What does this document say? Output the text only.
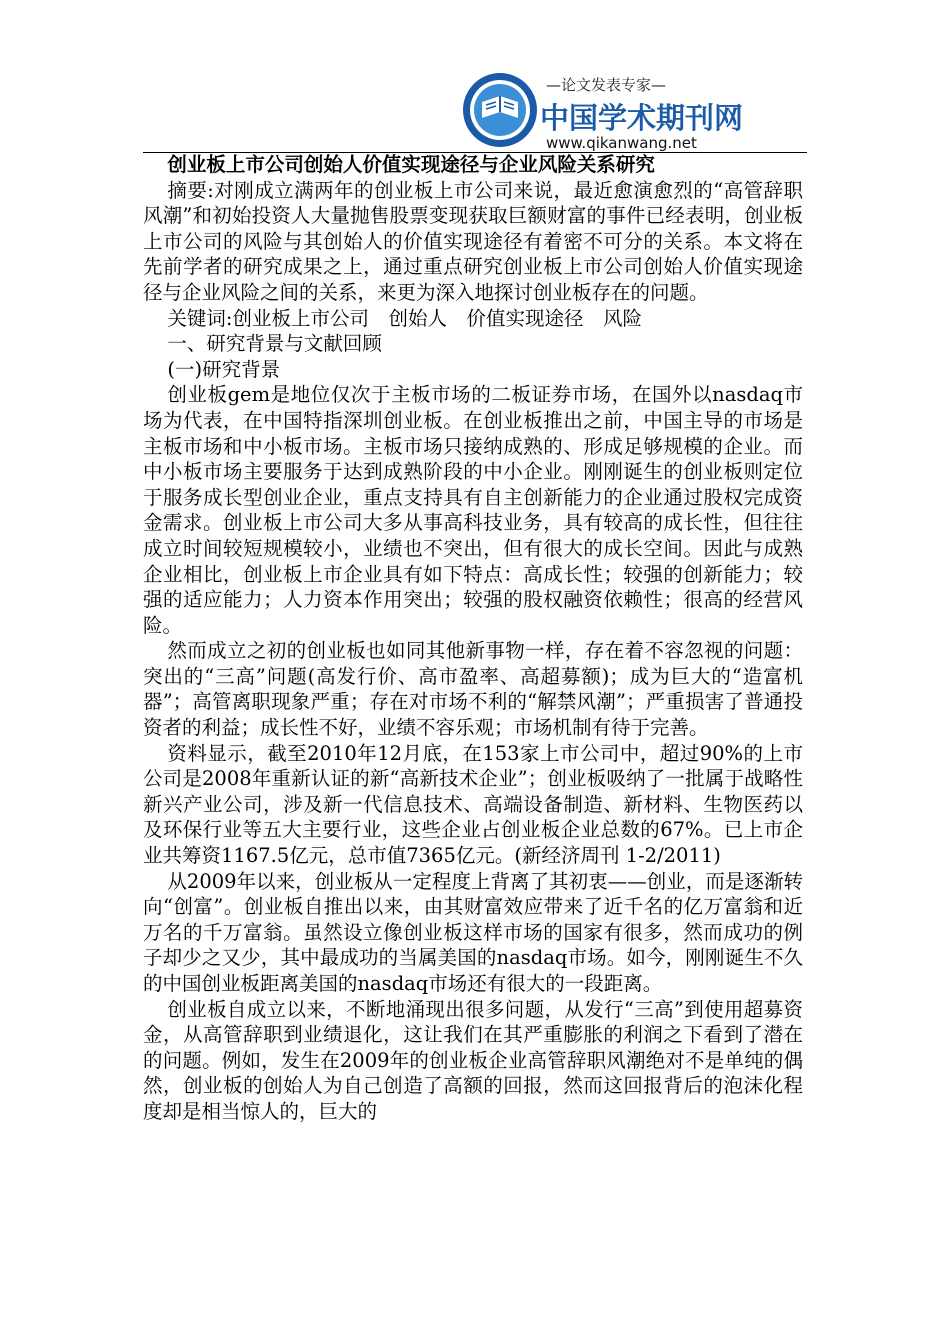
—论文发表专家—
中国学术期刊网
www.qikanwang.net

创业板上市公司创始人价值实现途径与企业风险关系研究

摘要:对刚成立满两年的创业板上市公司来说，最近愈演愈烈的“高管辞职风潮”和初始投资人大量抛售股票变现获取巨额财富的事件已经表明，创业板上市公司的风险与其创始人的价值实现途径有着密不可分的关系。本文将在先前学者的研究成果之上，通过重点研究创业板上市公司创始人价值实现途径与企业风险之间的关系，来更为深入地探讨创业板存在的问题。

关键词:创业板上市公司　创始人　价值实现途径　风险

一、研究背景与文献回顾

(一)研究背景

创业板gem是地位仅次于主板市场的二板证券市场，在国外以nasdaq市场为代表，在中国特指深圳创业板。在创业板推出之前，中国主导的市场是主板市场和中小板市场。主板市场只接纳成熟的、形成足够规模的企业。而中小板市场主要服务于达到成熟阶段的中小企业。刚刚诞生的创业板则定位于服务成长型创业企业，重点支持具有自主创新能力的企业通过股权完成资金需求。创业板上市公司大多从事高科技业务，具有较高的成长性，但往往成立时间较短规模较小，业绩也不突出，但有很大的成长空间。因此与成熟企业相比，创业板上市企业具有如下特点：高成长性；较强的创新能力；较强的适应能力；人力资本作用突出；较强的股权融资依赖性；很高的经营风险。

然而成立之初的创业板也如同其他新事物一样，存在着不容忽视的问题：突出的“三高”问题(高发行价、高市盈率、高超募额)；成为巨大的“造富机器”；高管离职现象严重；存在对市场不利的“解禁风潮”；严重损害了普通投资者的利益；成长性不好，业绩不容乐观；市场机制有待于完善。

资料显示，截至2010年12月底，在153家上市公司中，超过90%的上市公司是2008年重新认证的新“高新技术企业”；创业板吸纳了一批属于战略性新兴产业公司，涉及新一代信息技术、高端设备制造、新材料、生物医药以及环保行业等五大主要行业，这些企业占创业板企业总数的67%。已上市企业共筹资1167.5亿元，总市值7365亿元。(新经济周刊 1-2/2011)

从2009年以来，创业板从一定程度上背离了其初衷——创业，而是逐渐转向“创富”。创业板自推出以来，由其财富效应带来了近千名的亿万富翁和近万名的千万富翁。虽然设立像创业板这样市场的国家有很多，然而成功的例子却少之又少，其中最成功的当属美国的nasdaq市场。如今，刚刚诞生不久的中国创业板距离美国的nasdaq市场还有很大的一段距离。

创业板自成立以来，不断地涌现出很多问题，从发行“三高”到使用超募资金，从高管辞职到业绩退化，这让我们在其严重膨胀的利润之下看到了潜在的问题。例如，发生在2009年的创业板企业高管辞职风潮绝对不是单纯的偶然，创业板的创始人为自己创造了高额的回报，然而这回报背后的泡沫化程度却是相当惊人的，巨大的
